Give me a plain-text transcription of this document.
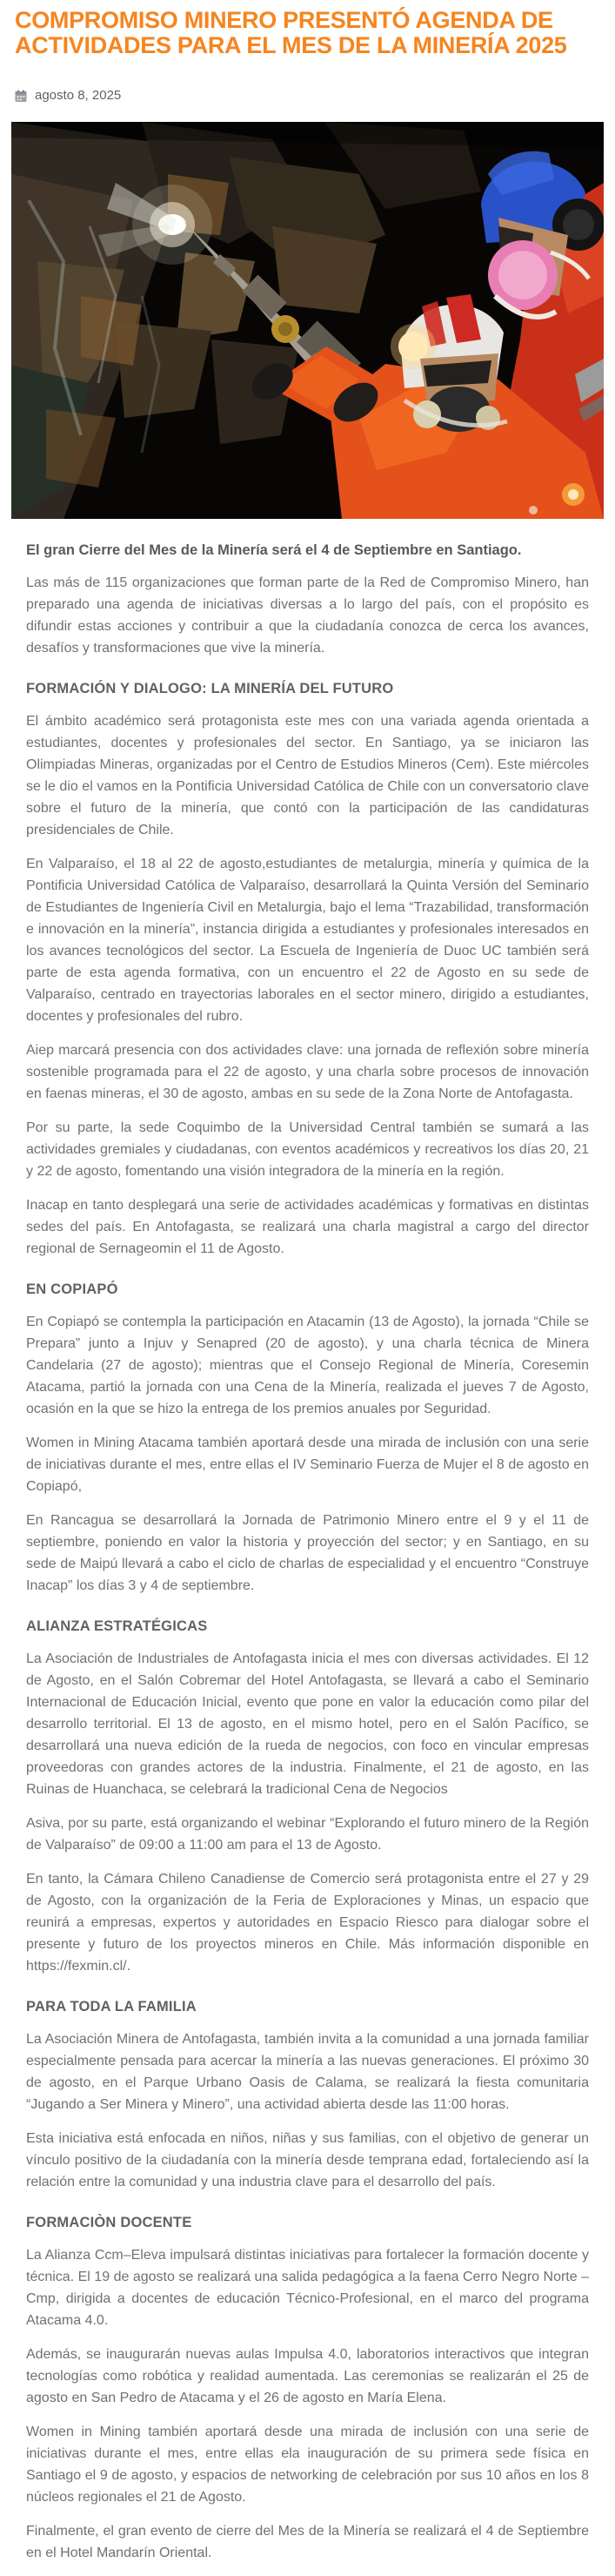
COMPROMISO MINERO PRESENTÓ AGENDA DE
ACTIVIDADES PARA EL MES DE LA MINERÍA 2025
agosto 8, 2025

El gran Cierre del Mes de la Minería será el 4 de Septiembre en Santiago.

Las más de 115 organizaciones que forman parte de la Red de Compromiso Minero, han preparado una agenda de iniciativas diversas a lo largo del país, con el propósito es difundir estas acciones y contribuir a que la ciudadanía conozca de cerca los avances, desafíos y transformaciones que vive la minería.

FORMACIÓN Y DIALOGO: LA MINERÍA DEL FUTURO

El ámbito académico será protagonista este mes con una variada agenda orientada a estudiantes, docentes y profesionales del sector. En Santiago, ya se iniciaron las Olimpiadas Mineras, organizadas por el Centro de Estudios Mineros (Cem). Este miércoles se le dio el vamos en la Pontificia Universidad Católica de Chile con un conversatorio clave sobre el futuro de la minería, que contó con la participación de las candidaturas presidenciales de Chile.

En Valparaíso, el 18 al 22 de agosto,estudiantes de metalurgia, minería y química de la Pontificia Universidad Católica de Valparaíso, desarrollará la Quinta Versión del Seminario de Estudiantes de Ingeniería Civil en Metalurgia, bajo el lema “Trazabilidad, transformación e innovación en la minería”, instancia dirigida a estudiantes y profesionales interesados en los avances tecnológicos del sector. La Escuela de Ingeniería de Duoc UC también será parte de esta agenda formativa, con un encuentro el 22 de Agosto en su sede de Valparaíso, centrado en trayectorias laborales en el sector minero, dirigido a estudiantes, docentes y profesionales del rubro.

Aiep marcará presencia con dos actividades clave: una jornada de reflexión sobre minería sostenible programada para el 22 de agosto, y una charla sobre procesos de innovación en faenas mineras, el 30 de agosto, ambas en su sede de la Zona Norte de Antofagasta.

Por su parte, la sede Coquimbo de la Universidad Central también se sumará a las actividades gremiales y ciudadanas, con eventos académicos y recreativos los días 20, 21 y 22 de agosto, fomentando una visión integradora de la minería en la región.

Inacap en tanto desplegará una serie de actividades académicas y formativas en distintas sedes del país. En Antofagasta, se realizará una charla magistral a cargo del director regional de Sernageomin el 11 de Agosto.

EN COPIAPÓ

En Copiapó se contempla la participación en Atacamin (13 de Agosto), la jornada “Chile se Prepara” junto a Injuv y Senapred (20 de agosto), y una charla técnica de Minera Candelaria (27 de agosto); mientras que el Consejo Regional de Minería, Coresemin Atacama, partió la jornada con una Cena de la Minería, realizada el jueves 7 de Agosto, ocasión en la que se hizo la entrega de los premios anuales por Seguridad.

Women in Mining Atacama también aportará desde una mirada de inclusión con una serie de iniciativas durante el mes, entre ellas el IV Seminario Fuerza de Mujer el 8 de agosto en Copiapó,

En Rancagua se desarrollará la Jornada de Patrimonio Minero entre el 9 y el 11 de septiembre, poniendo en valor la historia y proyección del sector; y en Santiago, en su sede de Maipú llevará a cabo el ciclo de charlas de especialidad y el encuentro “Construye Inacap” los días 3 y 4 de septiembre.

ALIANZA ESTRATÉGICAS

La Asociación de Industriales de Antofagasta inicia el mes con diversas actividades. El 12 de Agosto, en el Salón Cobremar del Hotel Antofagasta, se llevará a cabo el Seminario Internacional de Educación Inicial, evento que pone en valor la educación como pilar del desarrollo territorial. El 13 de agosto, en el mismo hotel, pero en el Salón Pacífico, se desarrollará una nueva edición de la rueda de negocios, con foco en vincular empresas proveedoras con grandes actores de la industria. Finalmente, el 21 de agosto, en las Ruinas de Huanchaca, se celebrará la tradicional Cena de Negocios

Asiva, por su parte, está organizando el webinar “Explorando el futuro minero de la Región de Valparaíso” de 09:00 a 11:00 am para el 13 de Agosto.

En tanto, la Cámara Chileno Canadiense de Comercio será protagonista entre el 27 y 29 de Agosto, con la organización de la Feria de Exploraciones y Minas, un espacio que reunirá a empresas, expertos y autoridades en Espacio Riesco para dialogar sobre el presente y futuro de los proyectos mineros en Chile. Más información disponible en https://fexmin.cl/.

PARA TODA LA FAMILIA

La Asociación Minera de Antofagasta, también invita a la comunidad a una jornada familiar especialmente pensada para acercar la minería a las nuevas generaciones. El próximo 30 de agosto, en el Parque Urbano Oasis de Calama, se realizará la fiesta comunitaria “Jugando a Ser Minera y Minero”, una actividad abierta desde las 11:00 horas.

Esta iniciativa está enfocada en niños, niñas y sus familias, con el objetivo de generar un vínculo positivo de la ciudadanía con la minería desde temprana edad, fortaleciendo así la relación entre la comunidad y una industria clave para el desarrollo del país.

FORMACIÒN DOCENTE

La Alianza Ccm–Eleva impulsará distintas iniciativas para fortalecer la formación docente y técnica. El 19 de agosto se realizará una salida pedagógica a la faena Cerro Negro Norte – Cmp, dirigida a docentes de educación Técnico-Profesional, en el marco del programa Atacama 4.0.

Además, se inaugurarán nuevas aulas Impulsa 4.0, laboratorios interactivos que integran tecnologías como robótica y realidad aumentada. Las ceremonias se realizarán el 25 de agosto en San Pedro de Atacama y el 26 de agosto en María Elena.

Women in Mining también aportará desde una mirada de inclusión con una serie de iniciativas durante el mes, entre ellas ela inauguración de su primera sede física en Santiago el 9 de agosto, y espacios de networking de celebración por sus 10 años en los 8 núcleos regionales el 21 de Agosto.

Finalmente, el gran evento de cierre del Mes de la Minería se realizará el 4 de Septiembre en el Hotel Mandarín Oriental.
